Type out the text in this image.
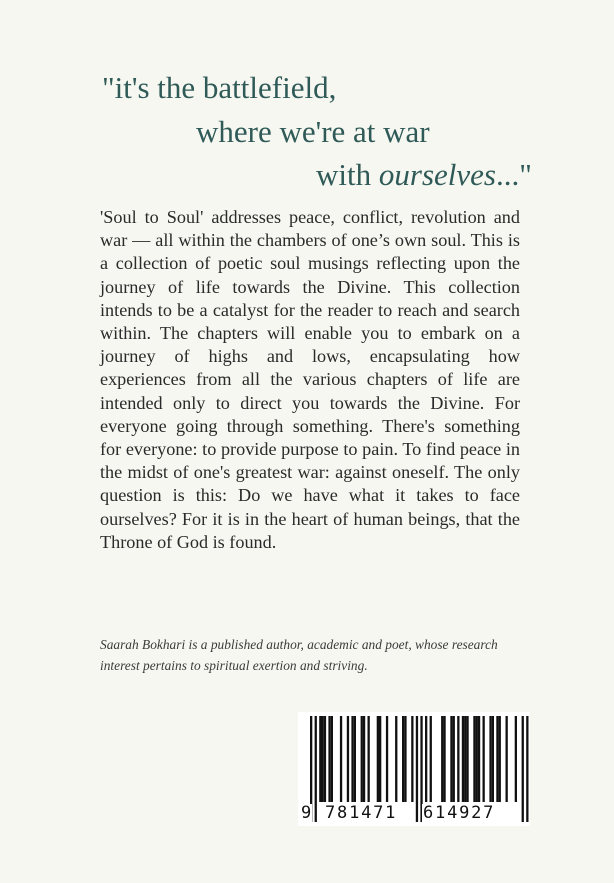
"it's the battlefield,
where we're at war
with ourselves..."
'Soul to Soul' addresses peace, conflict, revolution and war — all within the chambers of one’s own soul. This is a collection of poetic soul musings reflecting upon the journey of life towards the Divine. This collection intends to be a catalyst for the reader to reach and search within. The chapters will enable you to embark on a journey of highs and lows, encapsulating how experiences from all the various chapters of life are intended only to direct you towards the Divine. For everyone going through something. There's something for everyone: to provide purpose to pain. To find peace in the midst of one's greatest war: against oneself. The only question is this: Do we have what it takes to face ourselves? For it is in the heart of human beings, that the Throne of God is found.
Saarah Bokhari is a published author, academic and poet, whose research interest pertains to spiritual exertion and striving.
9 781471 614927
